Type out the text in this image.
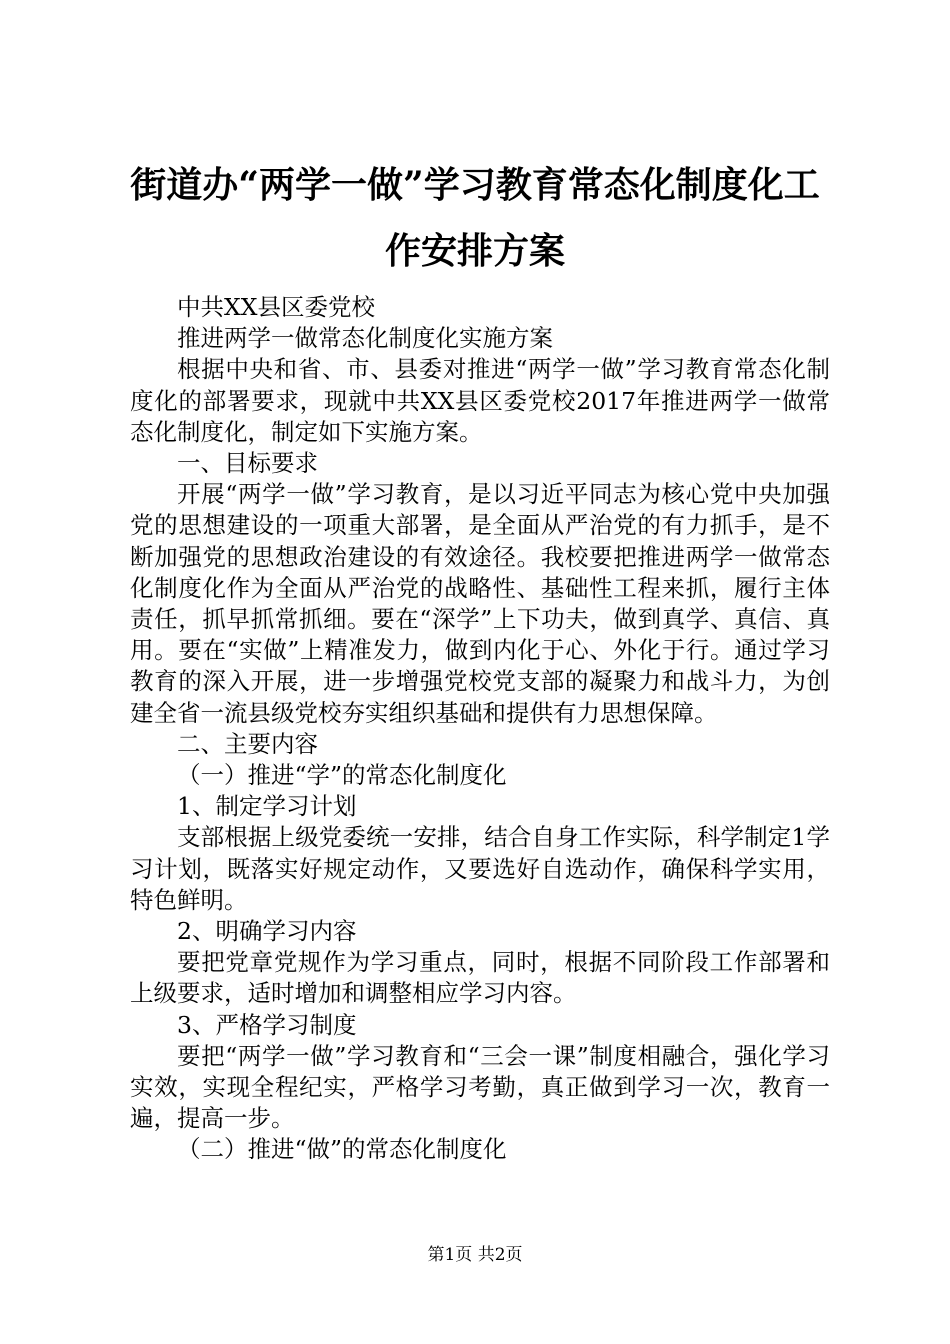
街道办“两学一做”学习教育常态化制度化工作安排方案

中共XX县区委党校

推进两学一做常态化制度化实施方案

根据中央和省、市、县委对推进“两学一做”学习教育常态化制度化的部署要求，现就中共XX县区委党校2017年推进两学一做常态化制度化，制定如下实施方案。

一、目标要求

开展“两学一做”学习教育，是以习近平同志为核心党中央加强党的思想建设的一项重大部署，是全面从严治党的有力抓手，是不断加强党的思想政治建设的有效途径。我校要把推进两学一做常态化制度化作为全面从严治党的战略性、基础性工程来抓，履行主体责任，抓早抓常抓细。要在“深学”上下功夫，做到真学、真信、真用。要在“实做”上精准发力，做到内化于心、外化于行。通过学习教育的深入开展，进一步增强党校党支部的凝聚力和战斗力，为创建全省一流县级党校夯实组织基础和提供有力思想保障。

二、主要内容

（一）推进“学”的常态化制度化

1、制定学习计划

支部根据上级党委统一安排，结合自身工作实际，科学制定1学习计划，既落实好规定动作，又要选好自选动作，确保科学实用，特色鲜明。

2、明确学习内容

要把党章党规作为学习重点，同时，根据不同阶段工作部署和上级要求，适时增加和调整相应学习内容。

3、严格学习制度

要把“两学一做”学习教育和“三会一课”制度相融合，强化学习实效，实现全程纪实，严格学习考勤，真正做到学习一次，教育一遍，提高一步。

（二）推进“做”的常态化制度化

第1页 共2页
